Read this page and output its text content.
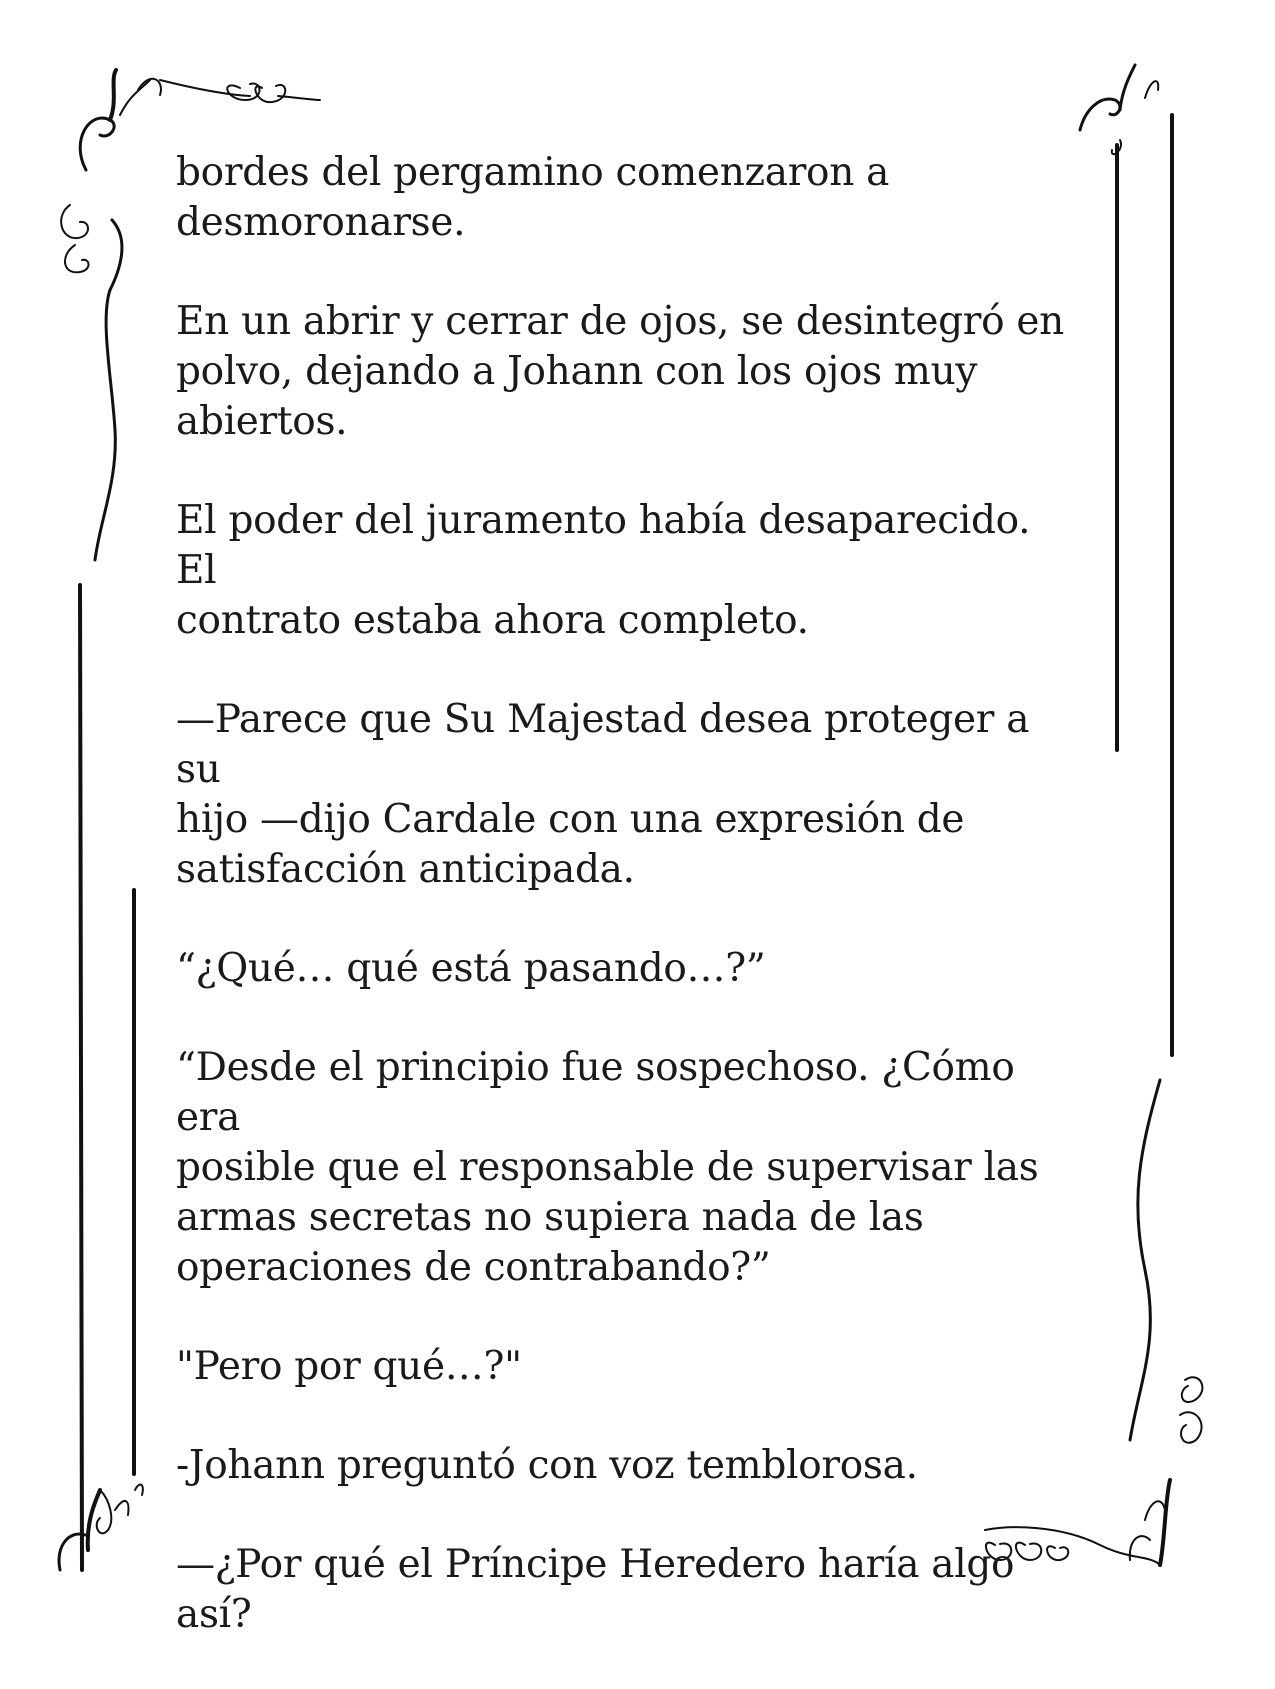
bordes del pergamino comenzaron a
desmoronarse.

En un abrir y cerrar de ojos, se desintegró en
polvo, dejando a Johann con los ojos muy
abiertos.

El poder del juramento había desaparecido. El
contrato estaba ahora completo.

—Parece que Su Majestad desea proteger a su
hijo —dijo Cardale con una expresión de
satisfacción anticipada.

“¿Qué… qué está pasando…?”

“Desde el principio fue sospechoso. ¿Cómo era
posible que el responsable de supervisar las
armas secretas no supiera nada de las
operaciones de contrabando?”

"Pero por qué…?"

-Johann preguntó con voz temblorosa.

—¿Por qué el Príncipe Heredero haría algo así?
